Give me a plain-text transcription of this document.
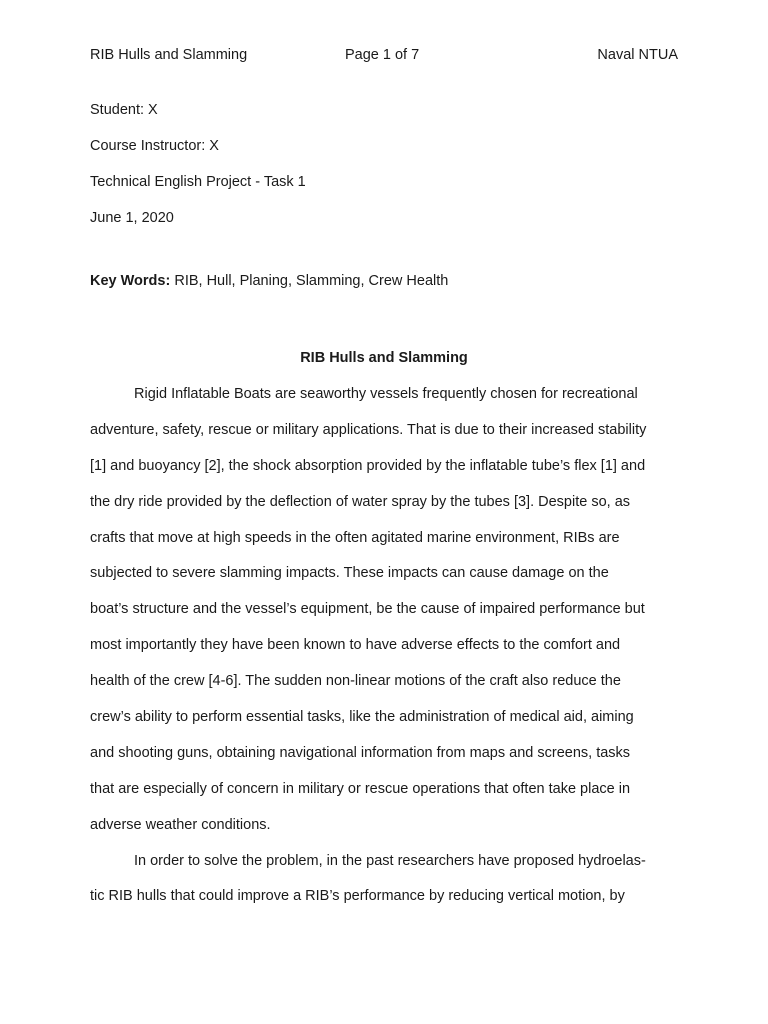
RIB Hulls and Slamming	Page 1 of 7	Naval NTUA
Student: X
Course Instructor: X
Technical English Project - Task 1
June 1, 2020
Key Words: RIB, Hull, Planing, Slamming, Crew Health
RIB Hulls and Slamming
Rigid Inflatable Boats are seaworthy vessels frequently chosen for recreational
adventure, safety, rescue or military applications. That is due to their increased stability
[1] and buoyancy [2], the shock absorption provided by the inflatable tube’s flex [1] and
the dry ride provided by the deflection of water spray by the tubes [3]. Despite so, as
crafts that move at high speeds in the often agitated marine environment, RIBs are
subjected to severe slamming impacts. These impacts can cause damage on the
boat’s structure and the vessel’s equipment, be the cause of impaired performance but
most importantly they have been known to have adverse effects to the comfort and
health of the crew [4-6]. The sudden non-linear motions of the craft also reduce the
crew’s ability to perform essential tasks, like the administration of medical aid, aiming
and shooting guns, obtaining navigational information from maps and screens, tasks
that are especially of concern in military or rescue operations that often take place in
adverse weather conditions.
In order to solve the problem, in the past researchers have proposed hydroelas-
tic RIB hulls that could improve a RIB’s performance by reducing vertical motion, by
